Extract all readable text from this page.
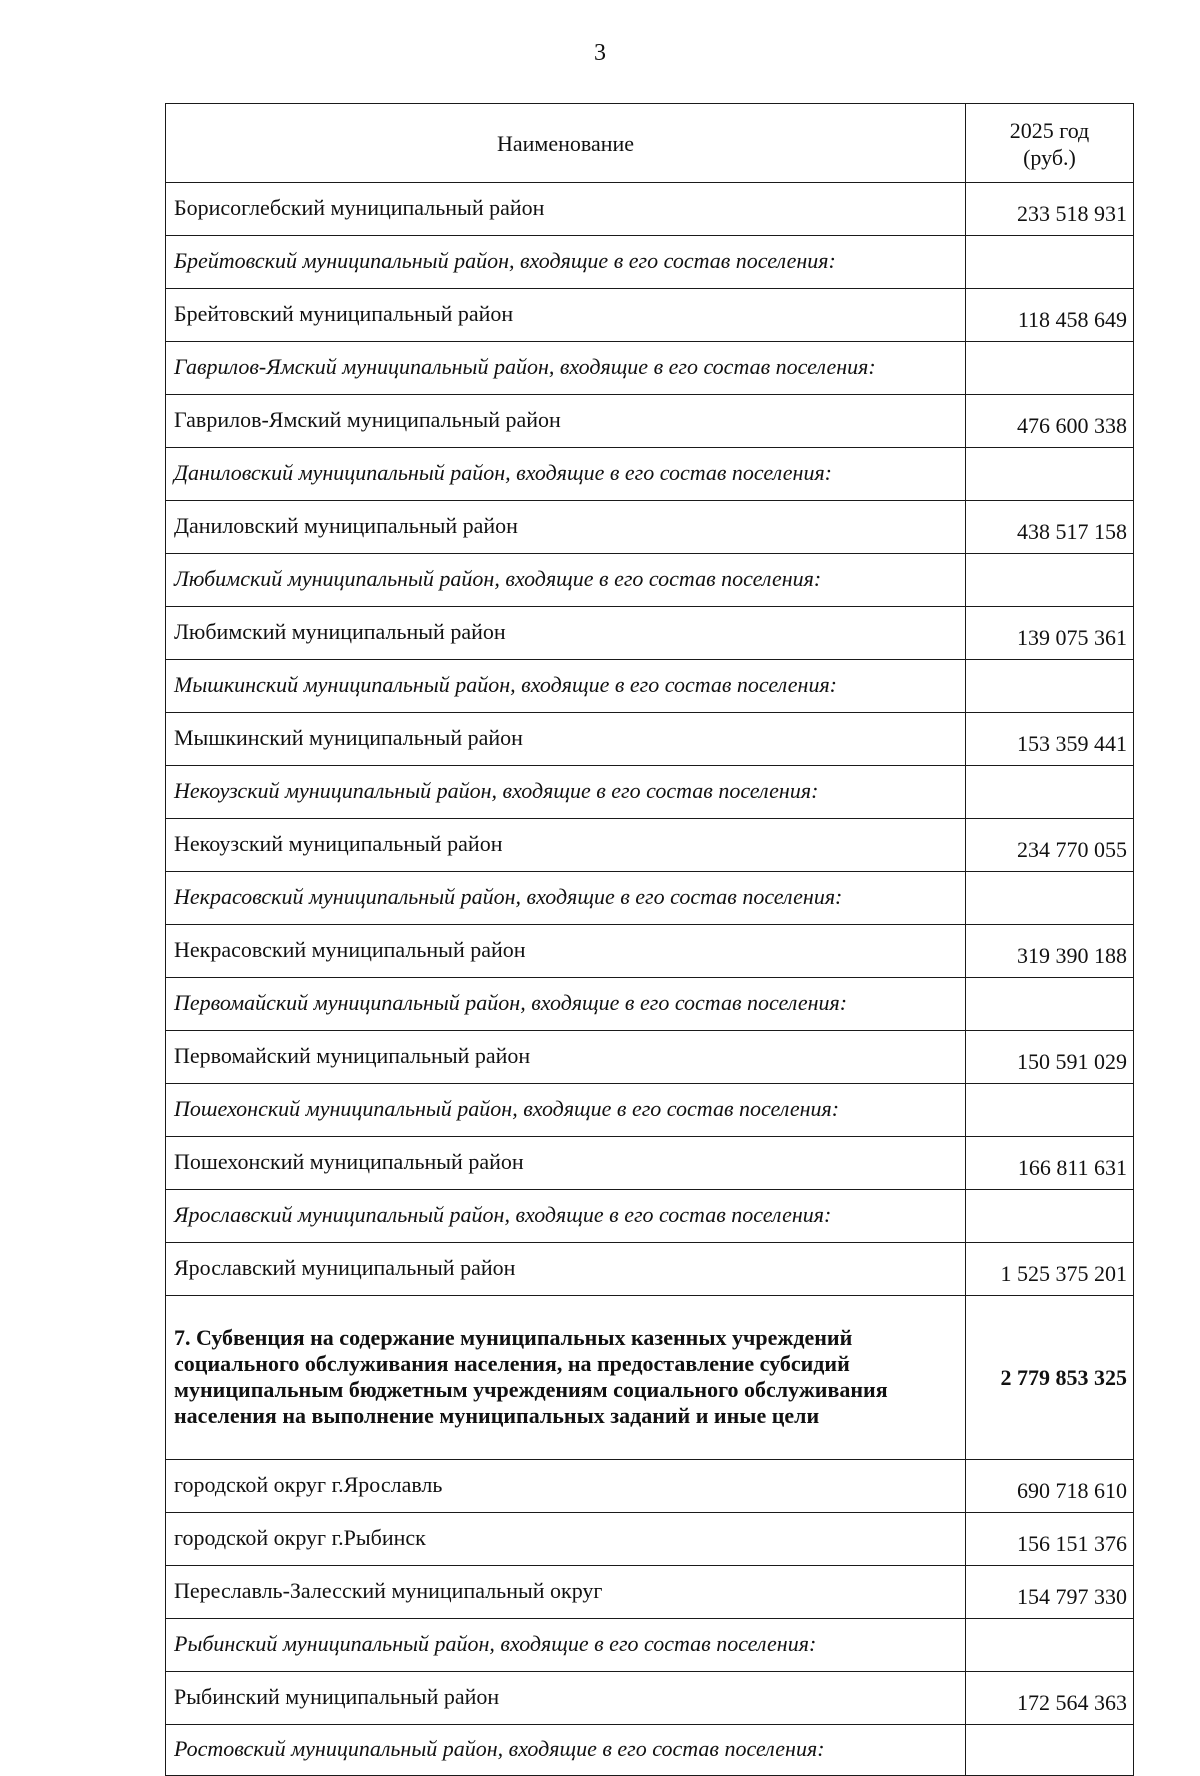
3
Наименование	2025 год
(руб.)
Борисоглебский муниципальный район	233 518 931
Брейтовский муниципальный район, входящие в его состав поселения:	
Брейтовский муниципальный район	118 458 649
Гаврилов-Ямский муниципальный район, входящие в его состав поселения:	
Гаврилов-Ямский муниципальный район	476 600 338
Даниловский муниципальный район, входящие в его состав поселения:	
Даниловский муниципальный район	438 517 158
Любимский муниципальный район, входящие в его состав поселения:	
Любимский муниципальный район	139 075 361
Мышкинский муниципальный район, входящие в его состав поселения:	
Мышкинский муниципальный район	153 359 441
Некоузский муниципальный район, входящие в его состав поселения:	
Некоузский муниципальный район	234 770 055
Некрасовский муниципальный район, входящие в его состав поселения:	
Некрасовский муниципальный район	319 390 188
Первомайский муниципальный район, входящие в его состав поселения:	
Первомайский муниципальный район	150 591 029
Пошехонский муниципальный район, входящие в его состав поселения:	
Пошехонский муниципальный район	166 811 631
Ярославский муниципальный район, входящие в его состав поселения:	
Ярославский муниципальный район	1 525 375 201
7. Субвенция на содержание муниципальных казенных учреждений социального обслуживания населения, на предоставление субсидий муниципальным бюджетным учреждениям социального обслуживания населения на выполнение муниципальных заданий и иные цели	2 779 853 325
городской округ г.Ярославль	690 718 610
городской округ г.Рыбинск	156 151 376
Переславль-Залесский муниципальный округ	154 797 330
Рыбинский муниципальный район, входящие в его состав поселения:	
Рыбинский муниципальный район	172 564 363
Ростовский муниципальный район, входящие в его состав поселения:	
